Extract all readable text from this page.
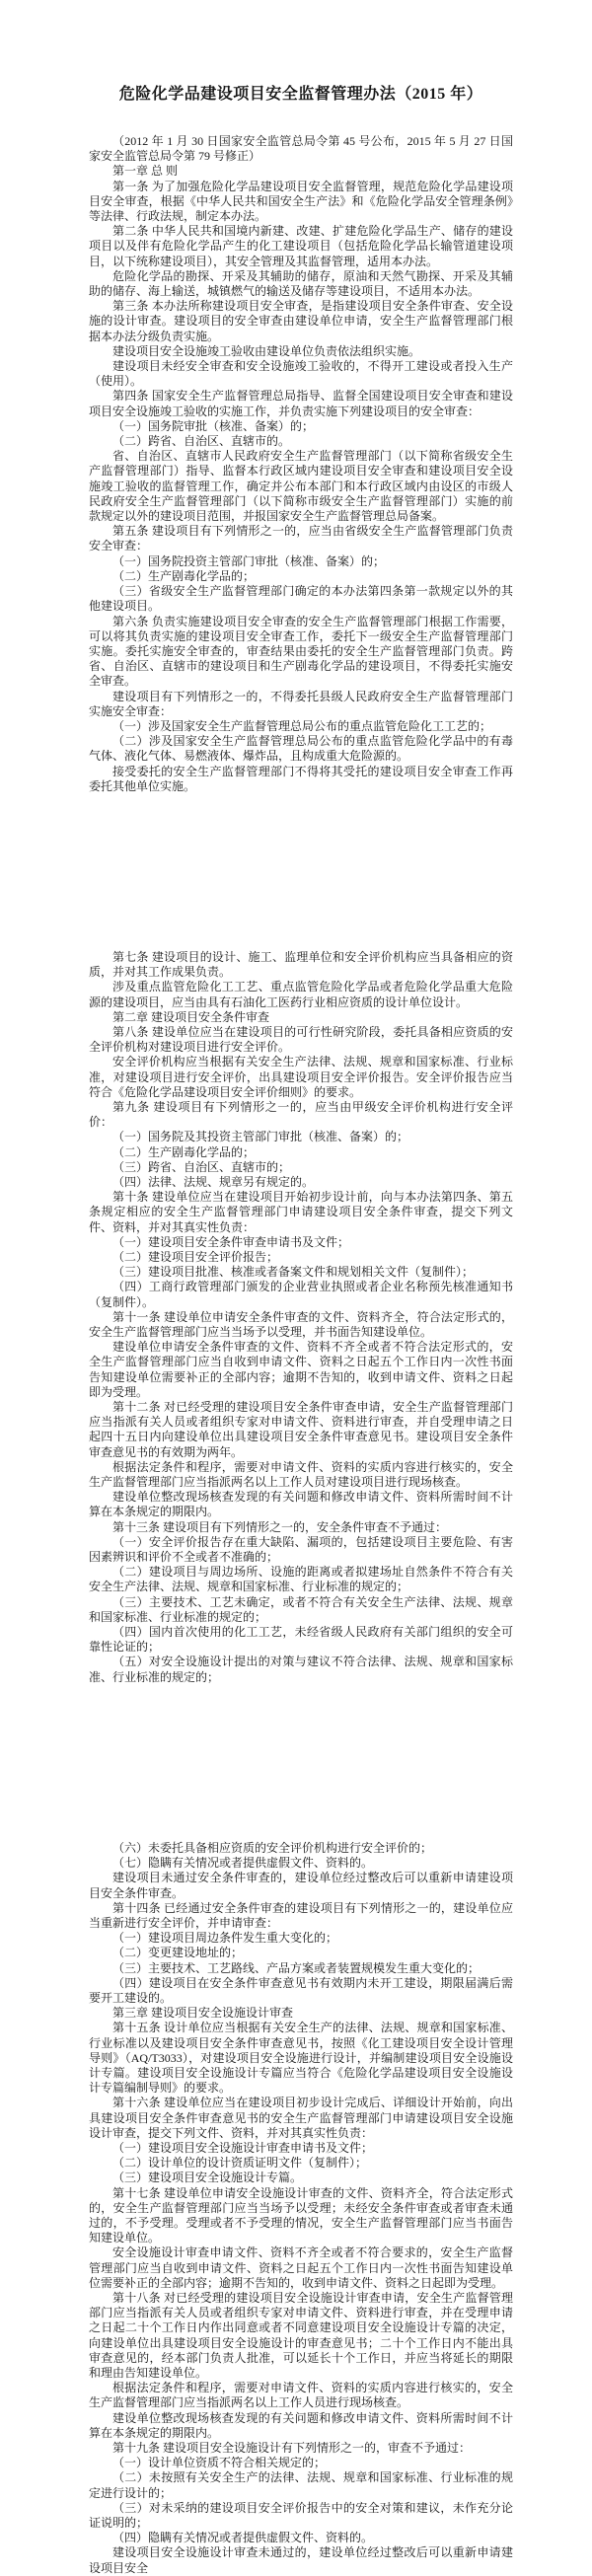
危险化学品建设项目安全监督管理办法（2015 年）

（2012 年 1 月 30 日国家安全监管总局令第 45 号公布，2015 年 5 月 27 日国家安全监管总局令第 79 号修正）

第一章 总 则

第一条 为了加强危险化学品建设项目安全监督管理，规范危险化学品建设项目安全审查，根据《中华人民共和国安全生产法》和《危险化学品安全管理条例》等法律、行政法规，制定本办法。

第二条 中华人民共和国境内新建、改建、扩建危险化学品生产、储存的建设项目以及伴有危险化学品产生的化工建设项目（包括危险化学品长输管道建设项目，以下统称建设项目），其安全管理及其监督管理，适用本办法。

危险化学品的勘探、开采及其辅助的储存，原油和天然气勘探、开采及其辅助的储存、海上输送，城镇燃气的输送及储存等建设项目，不适用本办法。

第三条 本办法所称建设项目安全审查，是指建设项目安全条件审查、安全设施的设计审查。建设项目的安全审查由建设单位申请，安全生产监督管理部门根据本办法分级负责实施。

建设项目安全设施竣工验收由建设单位负责依法组织实施。

建设项目未经安全审查和安全设施竣工验收的，不得开工建设或者投入生产（使用）。

第四条 国家安全生产监督管理总局指导、监督全国建设项目安全审查和建设项目安全设施竣工验收的实施工作，并负责实施下列建设项目的安全审查：

（一）国务院审批（核准、备案）的；

（二）跨省、自治区、直辖市的。

省、自治区、直辖市人民政府安全生产监督管理部门（以下简称省级安全生产监督管理部门）指导、监督本行政区域内建设项目安全审查和建设项目安全设施竣工验收的监督管理工作，确定并公布本部门和本行政区域内由设区的市级人民政府安全生产监督管理部门（以下简称市级安全生产监督管理部门）实施的前款规定以外的建设项目范围，并报国家安全生产监督管理总局备案。

第五条 建设项目有下列情形之一的，应当由省级安全生产监督管理部门负责安全审查：

（一）国务院投资主管部门审批（核准、备案）的；

（二）生产剧毒化学品的；

（三）省级安全生产监督管理部门确定的本办法第四条第一款规定以外的其他建设项目。

第六条 负责实施建设项目安全审查的安全生产监督管理部门根据工作需要，可以将其负责实施的建设项目安全审查工作，委托下一级安全生产监督管理部门实施。委托实施安全审查的，审查结果由委托的安全生产监督管理部门负责。跨省、自治区、直辖市的建设项目和生产剧毒化学品的建设项目，不得委托实施安全审查。

建设项目有下列情形之一的，不得委托县级人民政府安全生产监督管理部门实施安全审查：

（一）涉及国家安全生产监督管理总局公布的重点监管危险化工工艺的；

（二）涉及国家安全生产监督管理总局公布的重点监管危险化学品中的有毒气体、液化气体、易燃液体、爆炸品，且构成重大危险源的。

接受委托的安全生产监督管理部门不得将其受托的建设项目安全审查工作再委托其他单位实施。

第七条 建设项目的设计、施工、监理单位和安全评价机构应当具备相应的资质，并对其工作成果负责。

涉及重点监管危险化工工艺、重点监管危险化学品或者危险化学品重大危险源的建设项目，应当由具有石油化工医药行业相应资质的设计单位设计。

第二章 建设项目安全条件审查

第八条 建设单位应当在建设项目的可行性研究阶段，委托具备相应资质的安全评价机构对建设项目进行安全评价。

安全评价机构应当根据有关安全生产法律、法规、规章和国家标准、行业标准，对建设项目进行安全评价，出具建设项目安全评价报告。安全评价报告应当符合《危险化学品建设项目安全评价细则》的要求。

第九条 建设项目有下列情形之一的，应当由甲级安全评价机构进行安全评价：

（一）国务院及其投资主管部门审批（核准、备案）的；

（二）生产剧毒化学品的；

（三）跨省、自治区、直辖市的；

（四）法律、法规、规章另有规定的。

第十条 建设单位应当在建设项目开始初步设计前，向与本办法第四条、第五条规定相应的安全生产监督管理部门申请建设项目安全条件审查，提交下列文件、资料，并对其真实性负责：

（一）建设项目安全条件审查申请书及文件；

（二）建设项目安全评价报告；

（三）建设项目批准、核准或者备案文件和规划相关文件（复制件）；

（四）工商行政管理部门颁发的企业营业执照或者企业名称预先核准通知书（复制件）。

第十一条 建设单位申请安全条件审查的文件、资料齐全，符合法定形式的，安全生产监督管理部门应当当场予以受理，并书面告知建设单位。

建设单位申请安全条件审查的文件、资料不齐全或者不符合法定形式的，安全生产监督管理部门应当自收到申请文件、资料之日起五个工作日内一次性书面告知建设单位需要补正的全部内容；逾期不告知的，收到申请文件、资料之日起即为受理。

第十二条 对已经受理的建设项目安全条件审查申请，安全生产监督管理部门应当指派有关人员或者组织专家对申请文件、资料进行审查，并自受理申请之日起四十五日内向建设单位出具建设项目安全条件审查意见书。建设项目安全条件审查意见书的有效期为两年。

根据法定条件和程序，需要对申请文件、资料的实质内容进行核实的，安全生产监督管理部门应当指派两名以上工作人员对建设项目进行现场核查。

建设单位整改现场核查发现的有关问题和修改申请文件、资料所需时间不计算在本条规定的期限内。

第十三条 建设项目有下列情形之一的，安全条件审查不予通过：

（一）安全评价报告存在重大缺陷、漏项的，包括建设项目主要危险、有害因素辨识和评价不全或者不准确的；

（二）建设项目与周边场所、设施的距离或者拟建场址自然条件不符合有关安全生产法律、法规、规章和国家标准、行业标准的规定的；

（三）主要技术、工艺未确定，或者不符合有关安全生产法律、法规、规章和国家标准、行业标准的规定的；

（四）国内首次使用的化工工艺，未经省级人民政府有关部门组织的安全可靠性论证的；

（五）对安全设施设计提出的对策与建议不符合法律、法规、规章和国家标准、行业标准的规定的；

（六）未委托具备相应资质的安全评价机构进行安全评价的；

（七）隐瞒有关情况或者提供虚假文件、资料的。

建设项目未通过安全条件审查的，建设单位经过整改后可以重新申请建设项目安全条件审查。

第十四条 已经通过安全条件审查的建设项目有下列情形之一的，建设单位应当重新进行安全评价，并申请审查：

（一）建设项目周边条件发生重大变化的；

（二）变更建设地址的；

（三）主要技术、工艺路线、产品方案或者装置规模发生重大变化的；

（四）建设项目在安全条件审查意见书有效期内未开工建设，期限届满后需要开工建设的。

第三章 建设项目安全设施设计审查

第十五条 设计单位应当根据有关安全生产的法律、法规、规章和国家标准、行业标准以及建设项目安全条件审查意见书，按照《化工建设项目安全设计管理导则》（AQ/T3033），对建设项目安全设施进行设计，并编制建设项目安全设施设计专篇。建设项目安全设施设计专篇应当符合《危险化学品建设项目安全设施设计专篇编制导则》的要求。

第十六条 建设单位应当在建设项目初步设计完成后、详细设计开始前，向出具建设项目安全条件审查意见书的安全生产监督管理部门申请建设项目安全设施设计审查，提交下列文件、资料，并对其真实性负责：

（一）建设项目安全设施设计审查申请书及文件；

（二）设计单位的设计资质证明文件（复制件）；

（三）建设项目安全设施设计专篇。

第十七条 建设单位申请安全设施设计审查的文件、资料齐全，符合法定形式的，安全生产监督管理部门应当当场予以受理；未经安全条件审查或者审查未通过的，不予受理。受理或者不予受理的情况，安全生产监督管理部门应当书面告知建设单位。

安全设施设计审查申请文件、资料不齐全或者不符合要求的，安全生产监督管理部门应当自收到申请文件、资料之日起五个工作日内一次性书面告知建设单位需要补正的全部内容；逾期不告知的，收到申请文件、资料之日起即为受理。

第十八条 对已经受理的建设项目安全设施设计审查申请，安全生产监督管理部门应当指派有关人员或者组织专家对申请文件、资料进行审查，并在受理申请之日起二十个工作日内作出同意或者不同意建设项目安全设施设计专篇的决定，向建设单位出具建设项目安全设施设计的审查意见书；二十个工作日内不能出具审查意见的，经本部门负责人批准，可以延长十个工作日，并应当将延长的期限和理由告知建设单位。

根据法定条件和程序，需要对申请文件、资料的实质内容进行核实的，安全生产监督管理部门应当指派两名以上工作人员进行现场核查。

建设单位整改现场核查发现的有关问题和修改申请文件、资料所需时间不计算在本条规定的期限内。

第十九条 建设项目安全设施设计有下列情形之一的，审查不予通过：

（一）设计单位资质不符合相关规定的；

（二）未按照有关安全生产的法律、法规、规章和国家标准、行业标准的规定进行设计的；

（三）对未采纳的建设项目安全评价报告中的安全对策和建议，未作充分论证说明的；

（四）隐瞒有关情况或者提供虚假文件、资料的。

建设项目安全设施设计审查未通过的，建设单位经过整改后可以重新申请建设项目安全
